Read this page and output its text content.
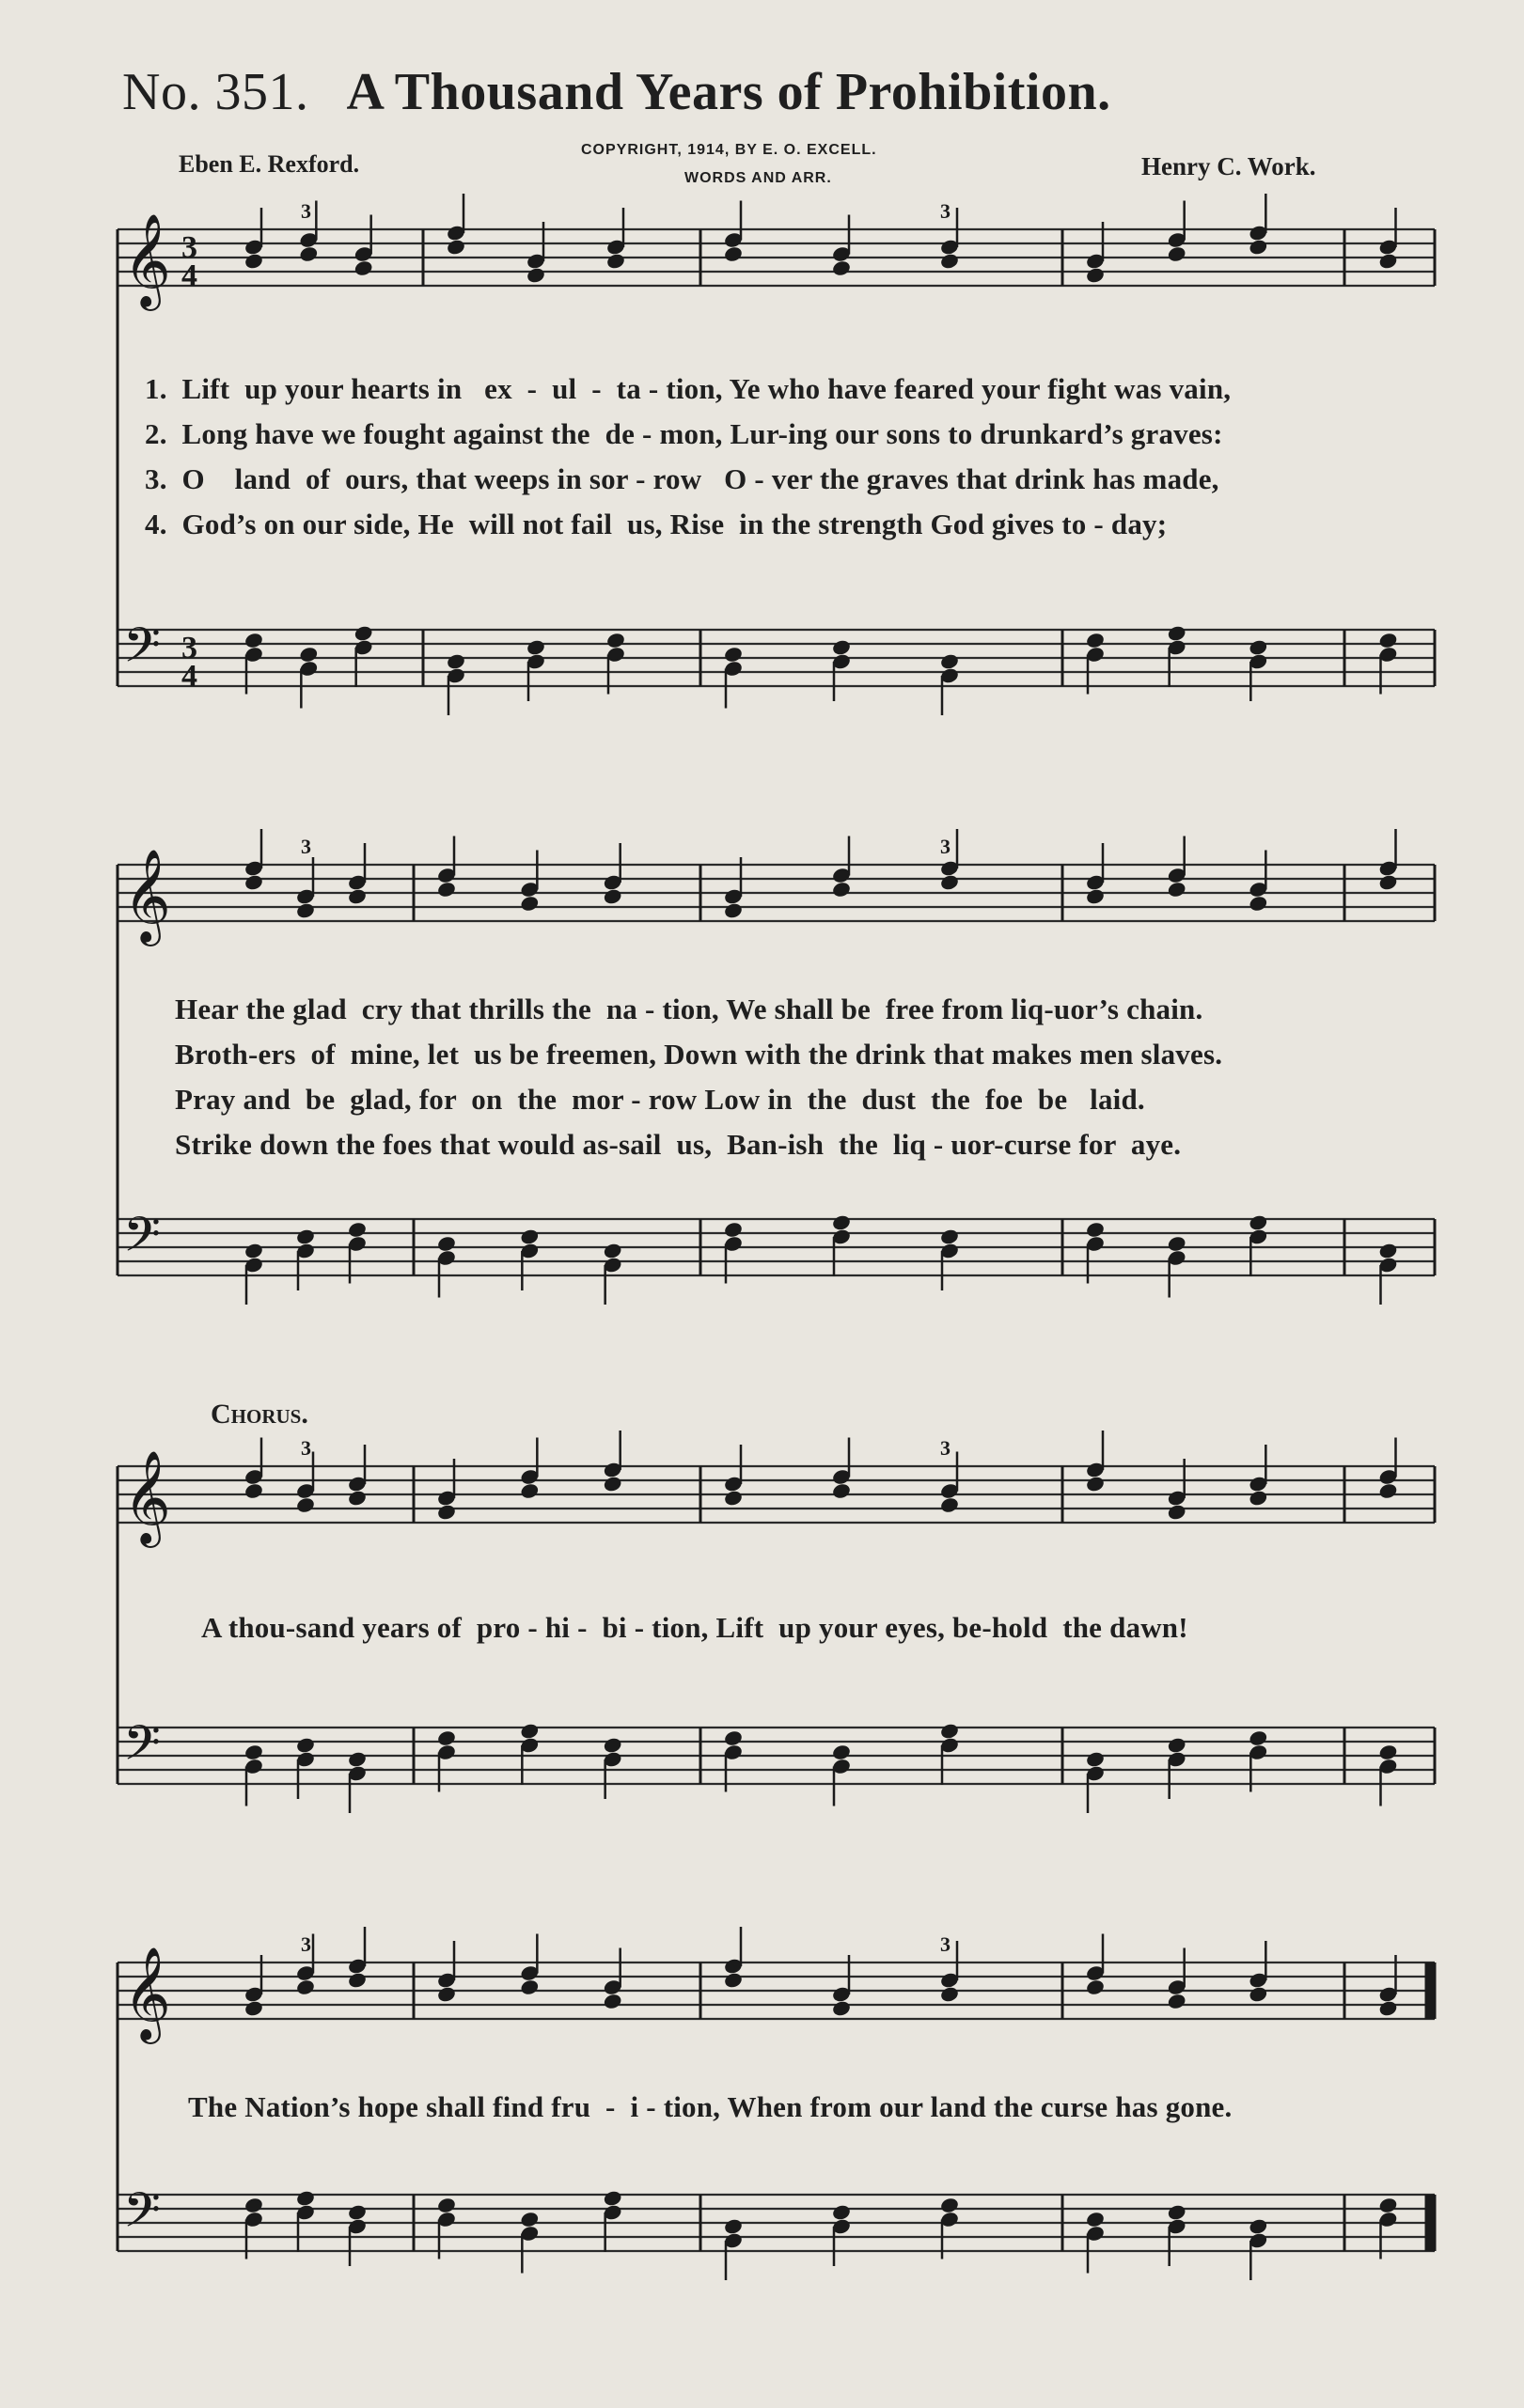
No. 351. A Thousand Years of Prohibition.
Eben E. Rexford.
COPYRIGHT, 1914, BY E. O. EXCELL.
WORDS AND ARR.	Henry C. Work.
𝄞 3
4
3	3
𝄢 3
4
𝄞
3	3
𝄢
𝄞
3	3
𝄢
𝄞
3	3
𝄢
1.  Lift  up your hearts in   ex  -  ul  -  ta - tion, Ye who have feared your fight was vain,
2.  Long have we fought against the  de - mon, Lur-ing our sons to drunkard’s graves:
3.  O    land  of  ours, that weeps in sor - row   O - ver the graves that drink has made,
4.  God’s on our side, He  will not fail  us, Rise  in the strength God gives to - day;
Hear the glad  cry that thrills the  na - tion, We shall be  free from liq-uor’s chain.
Broth-ers  of  mine, let  us be freemen, Down with the drink that makes men slaves.
Pray and  be  glad, for  on  the  mor - row Low in  the  dust  the  foe  be   laid.
Strike down the foes that would as-sail  us,  Ban-ish  the  liq - uor-curse for  aye.
Chorus.
A thou-sand years of  pro - hi -  bi - tion, Lift  up your eyes, be-hold  the dawn!
The Nation’s hope shall find fru  -  i - tion, When from our land the curse has gone.
